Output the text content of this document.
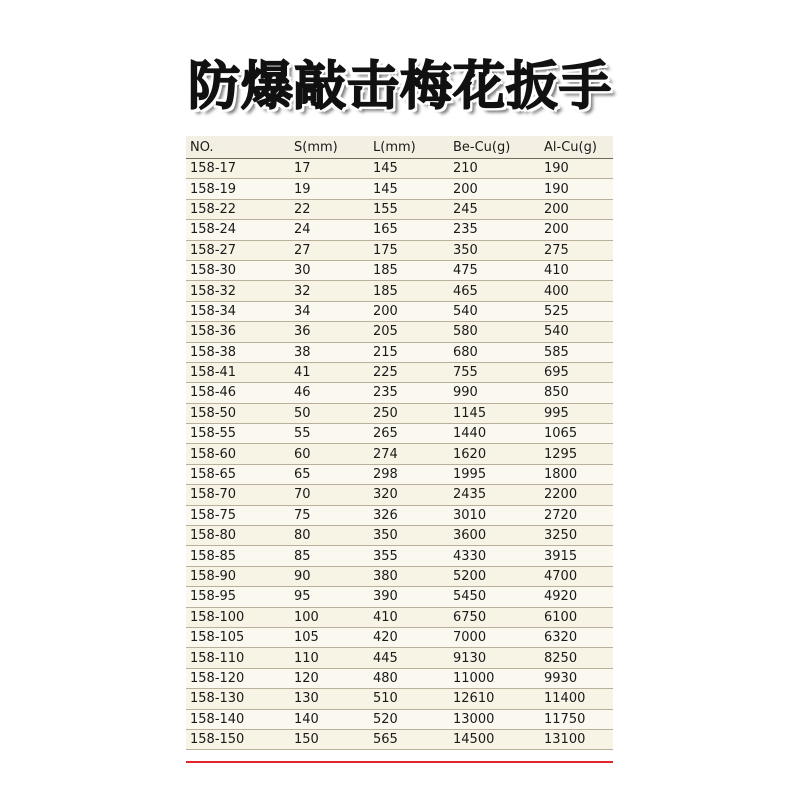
防爆敲击梅花扳手
NO.	S(mm)	L(mm)	Be-Cu(g)	Al-Cu(g)
158-17	17	145	210	190
158-19	19	145	200	190
158-22	22	155	245	200
158-24	24	165	235	200
158-27	27	175	350	275
158-30	30	185	475	410
158-32	32	185	465	400
158-34	34	200	540	525
158-36	36	205	580	540
158-38	38	215	680	585
158-41	41	225	755	695
158-46	46	235	990	850
158-50	50	250	1145	995
158-55	55	265	1440	1065
158-60	60	274	1620	1295
158-65	65	298	1995	1800
158-70	70	320	2435	2200
158-75	75	326	3010	2720
158-80	80	350	3600	3250
158-85	85	355	4330	3915
158-90	90	380	5200	4700
158-95	95	390	5450	4920
158-100	100	410	6750	6100
158-105	105	420	7000	6320
158-110	110	445	9130	8250
158-120	120	480	11000	9930
158-130	130	510	12610	11400
158-140	140	520	13000	11750
158-150	150	565	14500	13100
